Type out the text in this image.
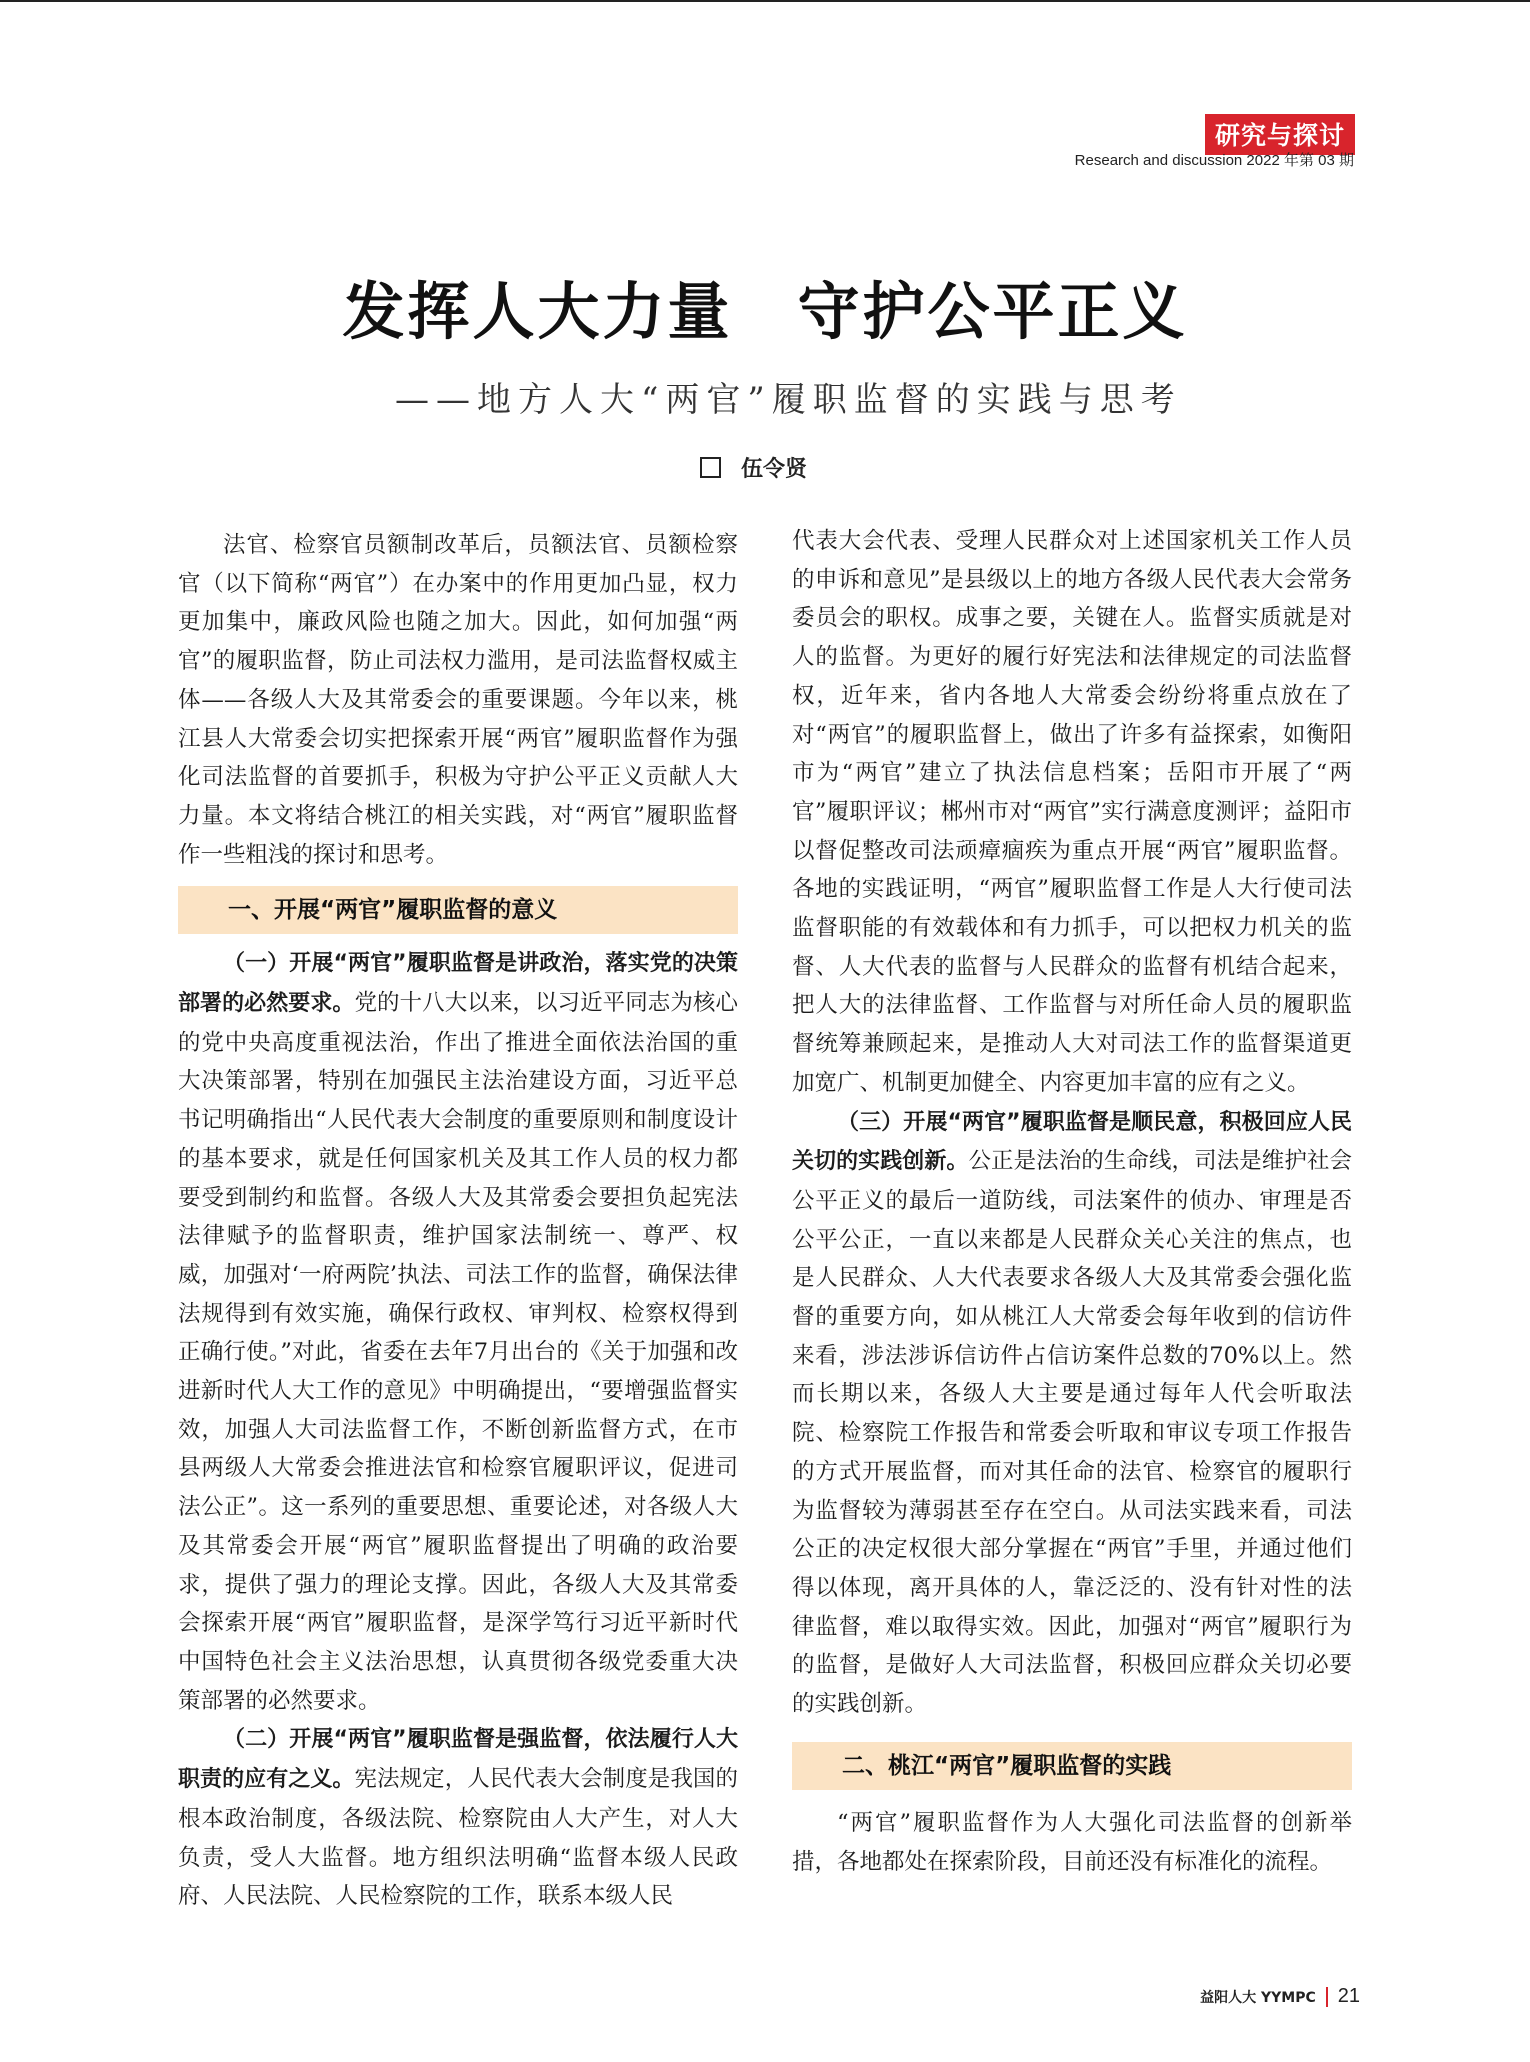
研究与探讨
Research and discussion 2022 年第 03 期
发挥人大力量　守护公平正义
——地方人大“两官”履职监督的实践与思考
伍令贤

法官、检察官员额制改革后，员额法官、员额检察官（以下简称“两官”）在办案中的作用更加凸显，权力更加集中，廉政风险也随之加大。因此，如何加强“两官”的履职监督，防止司法权力滥用，是司法监督权威主体——各级人大及其常委会的重要课题。今年以来，桃江县人大常委会切实把探索开展“两官”履职监督作为强化司法监督的首要抓手，积极为守护公平正义贡献人大力量。本文将结合桃江的相关实践，对“两官”履职监督作一些粗浅的探讨和思考。

一、开展“两官”履职监督的意义

（一）开展“两官”履职监督是讲政治，落实党的决策部署的必然要求。党的十八大以来，以习近平同志为核心的党中央高度重视法治，作出了推进全面依法治国的重大决策部署，特别在加强民主法治建设方面，习近平总书记明确指出“人民代表大会制度的重要原则和制度设计的基本要求，就是任何国家机关及其工作人员的权力都要受到制约和监督。各级人大及其常委会要担负起宪法法律赋予的监督职责，维护国家法制统一、尊严、权威，加强对‘一府两院’执法、司法工作的监督，确保法律法规得到有效实施，确保行政权、审判权、检察权得到正确行使。”对此，省委在去年7月出台的《关于加强和改进新时代人大工作的意见》中明确提出，“要增强监督实效，加强人大司法监督工作，不断创新监督方式，在市县两级人大常委会推进法官和检察官履职评议，促进司法公正”。这一系列的重要思想、重要论述，对各级人大及其常委会开展“两官”履职监督提出了明确的政治要求，提供了强力的理论支撑。因此，各级人大及其常委会探索开展“两官”履职监督，是深学笃行习近平新时代中国特色社会主义法治思想，认真贯彻各级党委重大决策部署的必然要求。

（二）开展“两官”履职监督是强监督，依法履行人大职责的应有之义。宪法规定，人民代表大会制度是我国的根本政治制度，各级法院、检察院由人大产生，对人大负责，受人大监督。地方组织法明确“监督本级人民政府、人民法院、人民检察院的工作，联系本级人民

代表大会代表、受理人民群众对上述国家机关工作人员的申诉和意见”是县级以上的地方各级人民代表大会常务委员会的职权。成事之要，关键在人。监督实质就是对人的监督。为更好的履行好宪法和法律规定的司法监督权，近年来，省内各地人大常委会纷纷将重点放在了对“两官”的履职监督上，做出了许多有益探索，如衡阳市为“两官”建立了执法信息档案；岳阳市开展了“两官”履职评议；郴州市对“两官”实行满意度测评；益阳市以督促整改司法顽瘴痼疾为重点开展“两官”履职监督。各地的实践证明，“两官”履职监督工作是人大行使司法监督职能的有效载体和有力抓手，可以把权力机关的监督、人大代表的监督与人民群众的监督有机结合起来，把人大的法律监督、工作监督与对所任命人员的履职监督统筹兼顾起来，是推动人大对司法工作的监督渠道更加宽广、机制更加健全、内容更加丰富的应有之义。

（三）开展“两官”履职监督是顺民意，积极回应人民关切的实践创新。公正是法治的生命线，司法是维护社会公平正义的最后一道防线，司法案件的侦办、审理是否公平公正，一直以来都是人民群众关心关注的焦点，也是人民群众、人大代表要求各级人大及其常委会强化监督的重要方向，如从桃江人大常委会每年收到的信访件来看，涉法涉诉信访件占信访案件总数的70%以上。然而长期以来，各级人大主要是通过每年人代会听取法院、检察院工作报告和常委会听取和审议专项工作报告的方式开展监督，而对其任命的法官、检察官的履职行为监督较为薄弱甚至存在空白。从司法实践来看，司法公正的决定权很大部分掌握在“两官”手里，并通过他们得以体现，离开具体的人，靠泛泛的、没有针对性的法律监督，难以取得实效。因此，加强对“两官”履职行为的监督，是做好人大司法监督，积极回应群众关切必要的实践创新。

二、桃江“两官”履职监督的实践

“两官”履职监督作为人大强化司法监督的创新举措，各地都处在探索阶段，目前还没有标准化的流程。

益阳人大 YYMPC 21
